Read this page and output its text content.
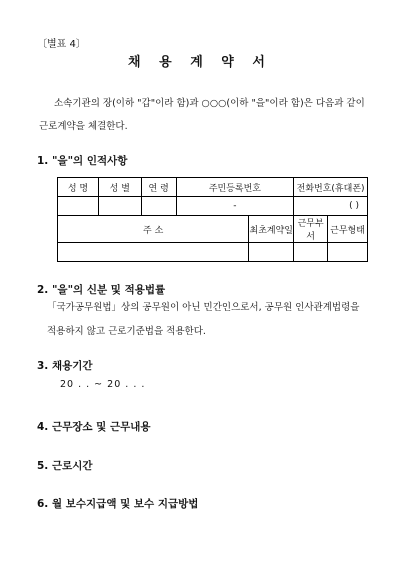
〔별표 4〕
채 용 계 약 서
소속기관의 장(이하 "갑"이라 함)과 ○○○(이하 "을"이라 함)은 다음과 같이 근로계약을 체결한다.
1. "을"의 인적사항
성 명	성 별	연 령	주민등록번호		전화번호(휴대폰)	
			-		( )	
주 소				최초계약일	근무부서	근무형태

2. "을"의 신분 및 적용법률
「국가공무원법」상의 공무원이 아닌 민간인으로서, 공무원 인사관계법령을 적용하지 않고 근로기준법을 적용한다.
3. 채용기간
20 . . ~ 20 . . .
4. 근무장소 및 근무내용
5. 근로시간
6. 월 보수지급액 및 보수 지급방법
